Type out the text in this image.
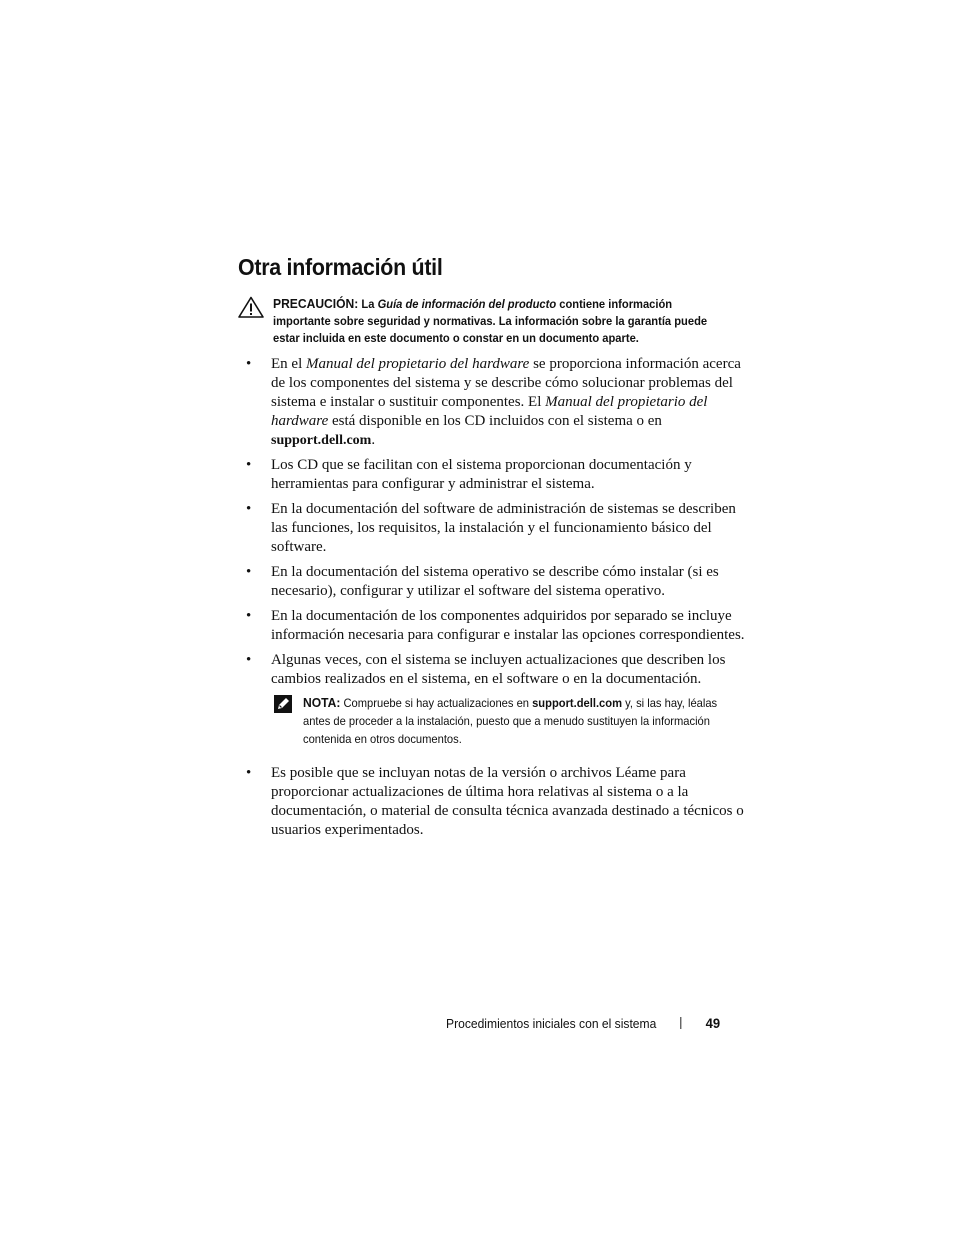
Otra información útil
PRECAUCIÓN: La Guía de información del producto contiene información importante sobre seguridad y normativas. La información sobre la garantía puede estar incluida en este documento o constar en un documento aparte.
• En el Manual del propietario del hardware se proporciona información acerca de los componentes del sistema y se describe cómo solucionar problemas del sistema e instalar o sustituir componentes. El Manual del propietario del hardware está disponible en los CD incluidos con el sistema o en support.dell.com.
• Los CD que se facilitan con el sistema proporcionan documentación y herramientas para configurar y administrar el sistema.
• En la documentación del software de administración de sistemas se describen las funciones, los requisitos, la instalación y el funcionamiento básico del software.
• En la documentación del sistema operativo se describe cómo instalar (si es necesario), configurar y utilizar el software del sistema operativo.
• En la documentación de los componentes adquiridos por separado se incluye información necesaria para configurar e instalar las opciones correspondientes.
• Algunas veces, con el sistema se incluyen actualizaciones que describen los cambios realizados en el sistema, en el software o en la documentación.
NOTA: Compruebe si hay actualizaciones en support.dell.com y, si las hay, léalas antes de proceder a la instalación, puesto que a menudo sustituyen la información contenida en otros documentos.
• Es posible que se incluyan notas de la versión o archivos Léame para proporcionar actualizaciones de última hora relativas al sistema o a la documentación, o material de consulta técnica avanzada destinado a técnicos o usuarios experimentados.
Procedimientos iniciales con el sistema	49
